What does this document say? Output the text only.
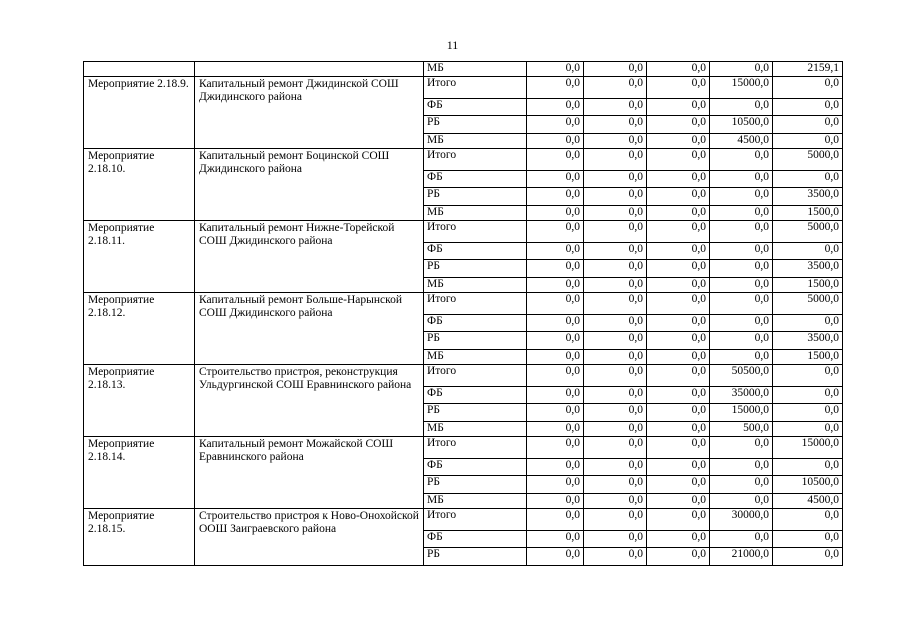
11
		МБ	0,0	0,0	0,0	0,0	2159,1
Мероприятие 2.18.9.	Капитальный ремонт Джидинской СОШ Джидинского района	Итого	0,0	0,0	0,0	15000,0	0,0
		ФБ	0,0	0,0	0,0	0,0	0,0
		РБ	0,0	0,0	0,0	10500,0	0,0
		МБ	0,0	0,0	0,0	4500,0	0,0
Мероприятие 2.18.10.	Капитальный ремонт Боцинской СОШ Джидинского района	Итого	0,0	0,0	0,0	0,0	5000,0
		ФБ	0,0	0,0	0,0	0,0	0,0
		РБ	0,0	0,0	0,0	0,0	3500,0
		МБ	0,0	0,0	0,0	0,0	1500,0
Мероприятие 2.18.11.	Капитальный ремонт Нижне-Торейской СОШ Джидинского района	Итого	0,0	0,0	0,0	0,0	5000,0
		ФБ	0,0	0,0	0,0	0,0	0,0
		РБ	0,0	0,0	0,0	0,0	3500,0
		МБ	0,0	0,0	0,0	0,0	1500,0
Мероприятие 2.18.12.	Капитальный ремонт Больше-Нарынской СОШ Джидинского района	Итого	0,0	0,0	0,0	0,0	5000,0
		ФБ	0,0	0,0	0,0	0,0	0,0
		РБ	0,0	0,0	0,0	0,0	3500,0
		МБ	0,0	0,0	0,0	0,0	1500,0
Мероприятие 2.18.13.	Строительство пристроя, реконструкция Ульдургинской СОШ Еравнинского района	Итого	0,0	0,0	0,0	50500,0	0,0
		ФБ	0,0	0,0	0,0	35000,0	0,0
		РБ	0,0	0,0	0,0	15000,0	0,0
		МБ	0,0	0,0	0,0	500,0	0,0
Мероприятие 2.18.14.	Капитальный ремонт Можайской СОШ Еравнинского района	Итого	0,0	0,0	0,0	0,0	15000,0
		ФБ	0,0	0,0	0,0	0,0	0,0
		РБ	0,0	0,0	0,0	0,0	10500,0
		МБ	0,0	0,0	0,0	0,0	4500,0
Мероприятие 2.18.15.	Строительство пристроя к Ново-Онохойской ООШ Заиграевского района	Итого	0,0	0,0	0,0	30000,0	0,0
		ФБ	0,0	0,0	0,0	0,0	0,0
		РБ	0,0	0,0	0,0	21000,0	0,0
